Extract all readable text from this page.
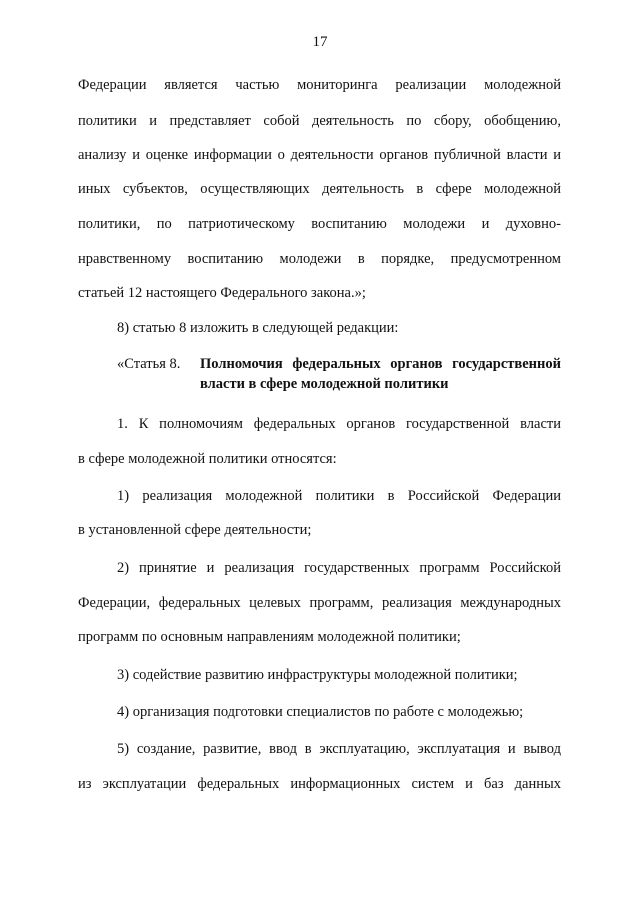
17
Федерации является частью мониторинга реализации молодежной
политики и представляет собой деятельность по сбору, обобщению,
анализу и оценке информации о деятельности органов публичной власти и
иных субъектов, осуществляющих деятельность в сфере молодежной
политики, по патриотическому воспитанию молодежи и духовно-
нравственному воспитанию молодежи в порядке, предусмотренном
статьей 12 настоящего Федерального закона.»;
8) статью 8 изложить в следующей редакции:
«Статья 8. Полномочия федеральных органов государственной
власти в сфере молодежной политики
1. К полномочиям федеральных органов государственной власти
в сфере молодежной политики относятся:
1) реализация молодежной политики в Российской Федерации
в установленной сфере деятельности;
2) принятие и реализация государственных программ Российской
Федерации, федеральных целевых программ, реализация международных
программ по основным направлениям молодежной политики;
3) содействие развитию инфраструктуры молодежной политики;
4) организация подготовки специалистов по работе с молодежью;
5) создание, развитие, ввод в эксплуатацию, эксплуатация и вывод
из эксплуатации федеральных информационных систем и баз данных
